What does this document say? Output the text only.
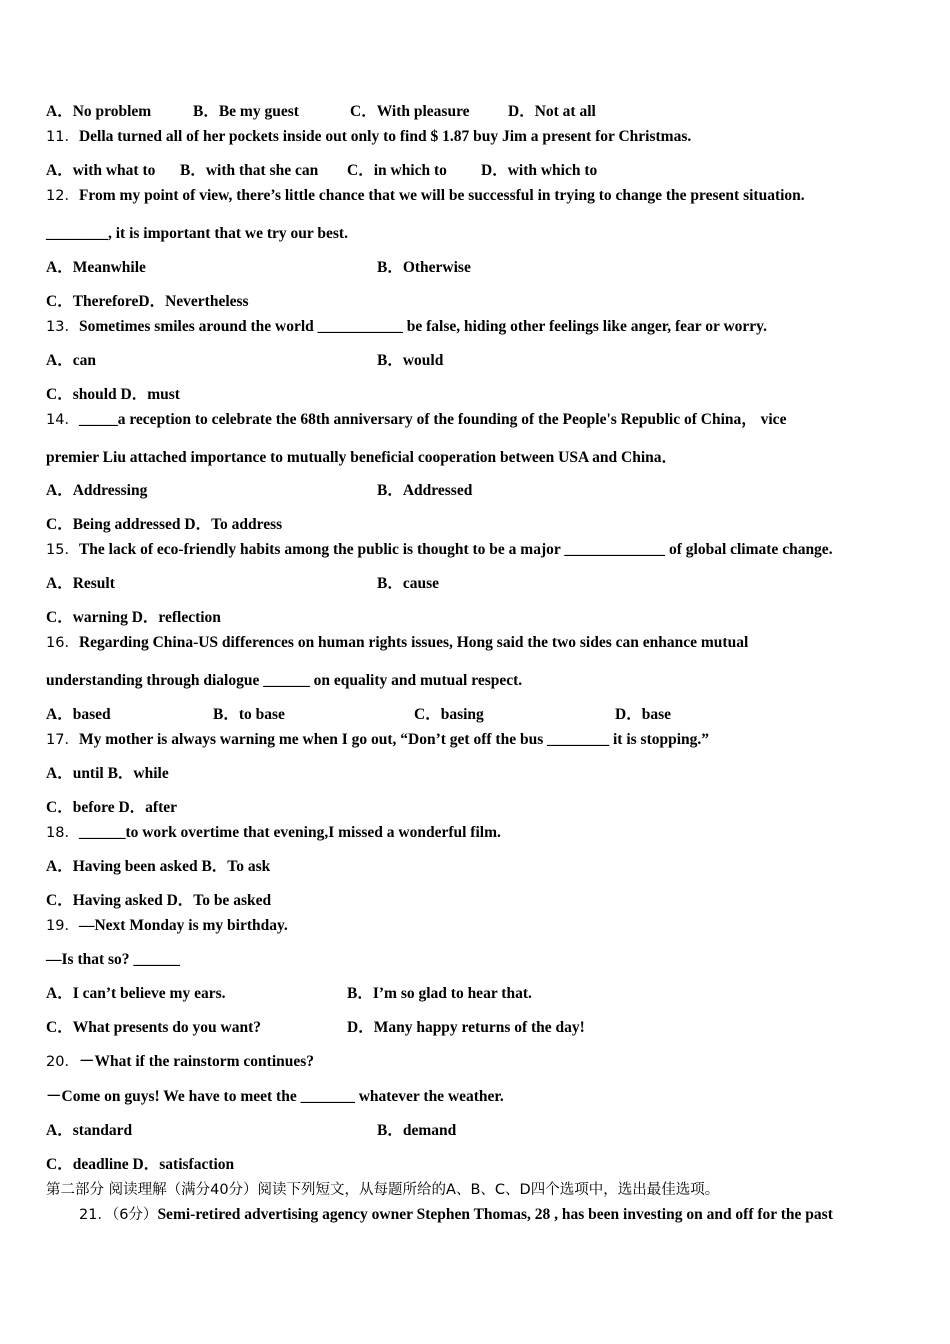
A．No problem	B．Be my guest	C．With pleasure D．Not at all
11．Della turned all of her pockets inside out only to find $ 1.87 buy Jim a present for Christmas.
A．with what to B．with that she can C．in which to D．with which to
12．From my point of view, there’s little chance that we will be successful in trying to change the present situation.
________, it is important that we try our best.
A．Meanwhile	B．Otherwise
C．ThereforeD．Nevertheless
13．Sometimes smiles around the world ___________ be false, hiding other feelings like anger, fear or worry.
A．can	B．would
C．should D．must
14．_____a reception to celebrate the 68th anniversary of the founding of the People's Republic of China， vice
premier Liu attached importance to mutually beneficial cooperation between USA and China．
A．Addressing	B．Addressed
C．Being addressed D．To address
15．The lack of eco-friendly habits among the public is thought to be a major _____________ of global climate change.
A．Result	B．cause
C．warning D．reflection
16．Regarding China-US differences on human rights issues, Hong said the two sides can enhance mutual
understanding through dialogue ______ on equality and mutual respect.
A．based	B．to base	C．basing	D．base
17．My mother is always warning me when I go out, “Don’t get off the bus ________ it is stopping.”
A．until B．while
C．before D．after
18．______to work overtime that evening,I missed a wonderful film.
A．Having been asked B．To ask
C．Having asked D．To be asked
19．—Next Monday is my birthday.
—Is that so? ______
A．I can’t believe my ears.	B．I’m so glad to hear that.
C．What presents do you want?	D．Many happy returns of the day!
20．－What if the rainstorm continues?
－Come on guys! We have to meet the _______ whatever the weather.
A．standard	B．demand
C．deadline D．satisfaction
第二部分 阅读理解（满分40分）阅读下列短文，从每题所给的A、B、C、D四个选项中，选出最佳选项。
21．（6分）Semi-retired advertising agency owner Stephen Thomas, 28 , has been investing on and off for the past
